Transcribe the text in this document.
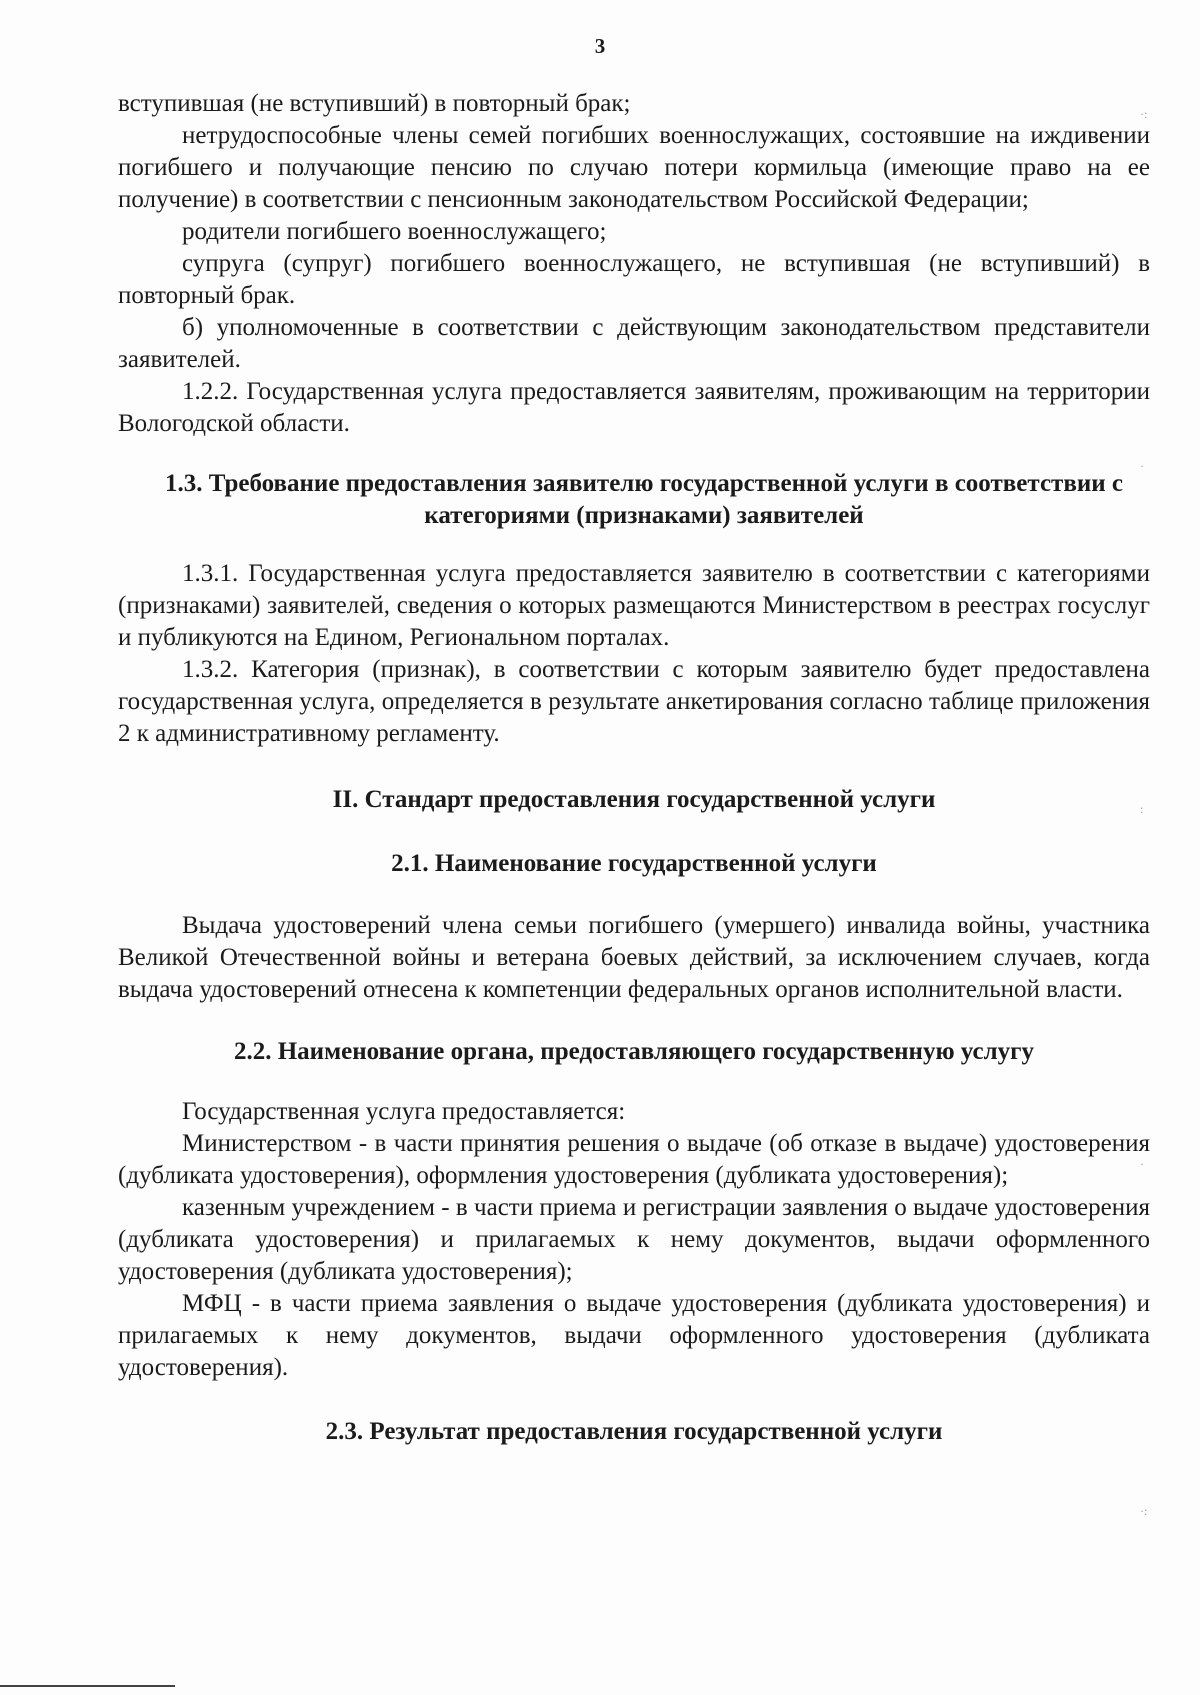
3

вступившая (не вступивший) в повторный брак;

нетрудоспособные члены семей погибших военнослужащих, состоявшие на иждивении погибшего и получающие пенсию по случаю потери кормильца (имеющие право на ее получение) в соответствии с пенсионным законодательством Российской Федерации;

родители погибшего военнослужащего;

супруга (супруг) погибшего военнослужащего, не вступившая (не вступивший) в повторный брак.

б) уполномоченные в соответствии с действующим законодательством представители заявителей.

1.2.2. Государственная услуга предоставляется заявителям, проживающим на территории Вологодской области.

1.3. Требование предоставления заявителю государственной услуги в соответствии с категориями (признаками) заявителей

1.3.1. Государственная услуга предоставляется заявителю в соответствии с категориями (признаками) заявителей, сведения о которых размещаются Министерством в реестрах госуслуг и публикуются на Едином, Региональном порталах.

1.3.2. Категория (признак), в соответствии с которым заявителю будет предоставлена государственная услуга, определяется в результате анкетирования согласно таблице приложения 2 к административному регламенту.

II. Стандарт предоставления государственной услуги
2.1. Наименование государственной услуги

Выдача удостоверений члена семьи погибшего (умершего) инвалида войны, участника Великой Отечественной войны и ветерана боевых действий, за исключением случаев, когда выдача удостоверений отнесена к компетенции федеральных органов исполнительной власти.

2.2. Наименование органа, предоставляющего государственную услугу

Государственная услуга предоставляется:

Министерством - в части принятия решения о выдаче (об отказе в выдаче) удостоверения (дубликата удостоверения), оформления удостоверения (дубликата удостоверения);

казенным учреждением - в части приема и регистрации заявления о выдаче удостоверения (дубликата удостоверения) и прилагаемых к нему документов, выдачи оформленного удостоверения (дубликата удостоверения);

МФЦ - в части приема заявления о выдаче удостоверения (дубликата удостоверения) и прилагаемых к нему документов, выдачи оформленного удостоверения (дубликата удостоверения).

2.3. Результат предоставления государственной услуги
·:
·
:
·
·:
